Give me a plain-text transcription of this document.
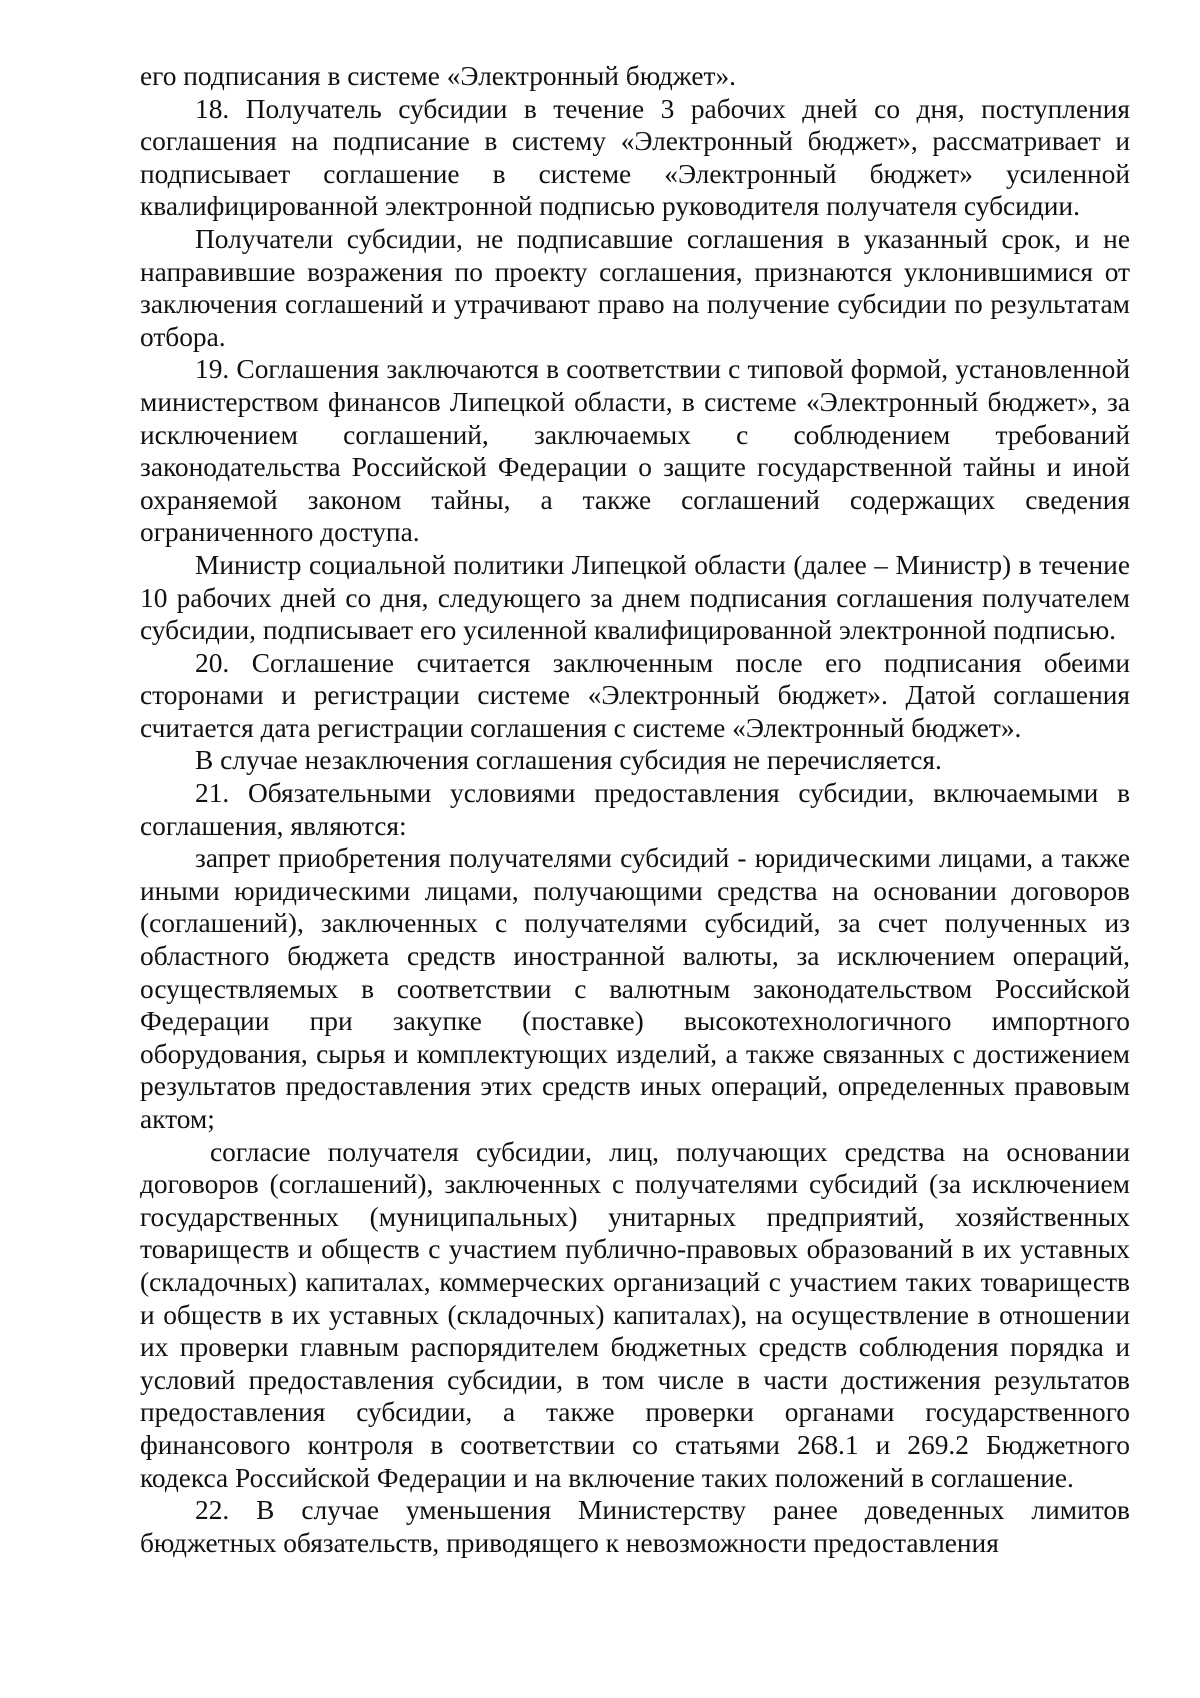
его подписания в системе «Электронный бюджет».

18. Получатель субсидии в течение 3 рабочих дней со дня, поступления соглашения на подписание в систему «Электронный бюджет», рассматривает и подписывает соглашение в системе «Электронный бюджет» усиленной квалифицированной электронной подписью руководителя получателя субсидии.

Получатели субсидии, не подписавшие соглашения в указанный срок, и не направившие возражения по проекту соглашения, признаются уклонившимися от заключения соглашений и утрачивают право на получение субсидии по результатам отбора.

19. Соглашения заключаются в соответствии с типовой формой, установленной министерством финансов Липецкой области, в системе «Электронный бюджет», за исключением соглашений, заключаемых с соблюдением требований законодательства Российской Федерации о защите государственной тайны и иной охраняемой законом тайны, а также соглашений содержащих сведения ограниченного доступа.

Министр социальной политики Липецкой области (далее – Министр) в течение 10 рабочих дней со дня, следующего за днем подписания соглашения получателем субсидии, подписывает его усиленной квалифицированной электронной подписью.

20. Соглашение считается заключенным после его подписания обеими сторонами и регистрации системе «Электронный бюджет». Датой соглашения считается дата регистрации соглашения с системе «Электронный бюджет».

В случае незаключения соглашения субсидия не перечисляется.

21. Обязательными условиями предоставления субсидии, включаемыми в соглашения, являются:

запрет приобретения получателями субсидий - юридическими лицами, а также иными юридическими лицами, получающими средства на основании договоров (соглашений), заключенных с получателями субсидий, за счет полученных из областного бюджета средств иностранной валюты, за исключением операций, осуществляемых в соответствии с валютным законодательством Российской Федерации при закупке (поставке) высокотехнологичного импортного оборудования, сырья и комплектующих изделий, а также связанных с достижением результатов предоставления этих средств иных операций, определенных правовым актом;

согласие получателя субсидии, лиц, получающих средства на основании договоров (соглашений), заключенных с получателями субсидий (за исключением государственных (муниципальных) унитарных предприятий, хозяйственных товариществ и обществ с участием публично-правовых образований в их уставных (складочных) капиталах, коммерческих организаций с участием таких товариществ и обществ в их уставных (складочных) капиталах), на осуществление в отношении их проверки главным распорядителем бюджетных средств соблюдения порядка и условий предоставления субсидии, в том числе в части достижения результатов предоставления субсидии, а также проверки органами государственного финансового контроля в соответствии со статьями 268.1 и 269.2 Бюджетного кодекса Российской Федерации и на включение таких положений в соглашение.

22. В случае уменьшения Министерству ранее доведенных лимитов бюджетных обязательств, приводящего к невозможности предоставления
